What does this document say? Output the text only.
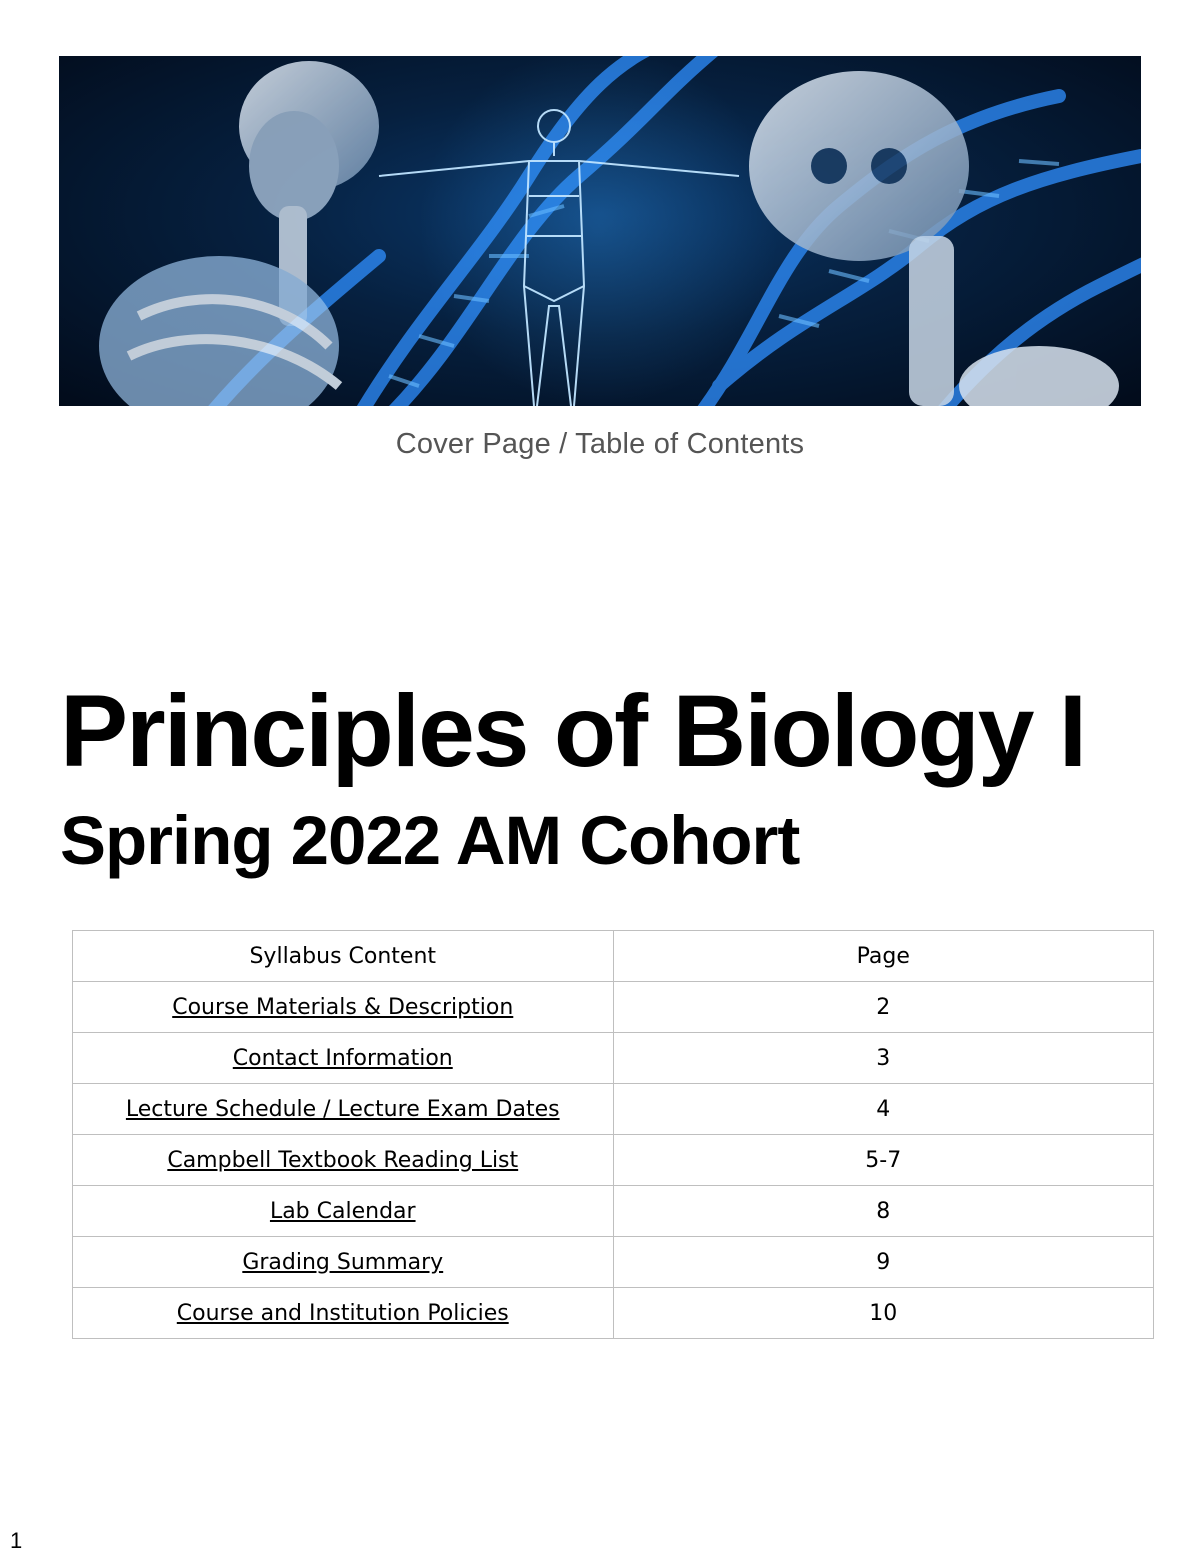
Cover Page / Table of Contents
Principles of Biology I
Spring 2022 AM Cohort
Syllabus Content	Page
Course Materials & Description	2
Contact Information	3
Lecture Schedule / Lecture Exam Dates	4
Campbell Textbook Reading List	5-7
Lab Calendar	8
Grading Summary	9
Course and Institution Policies	10
1
